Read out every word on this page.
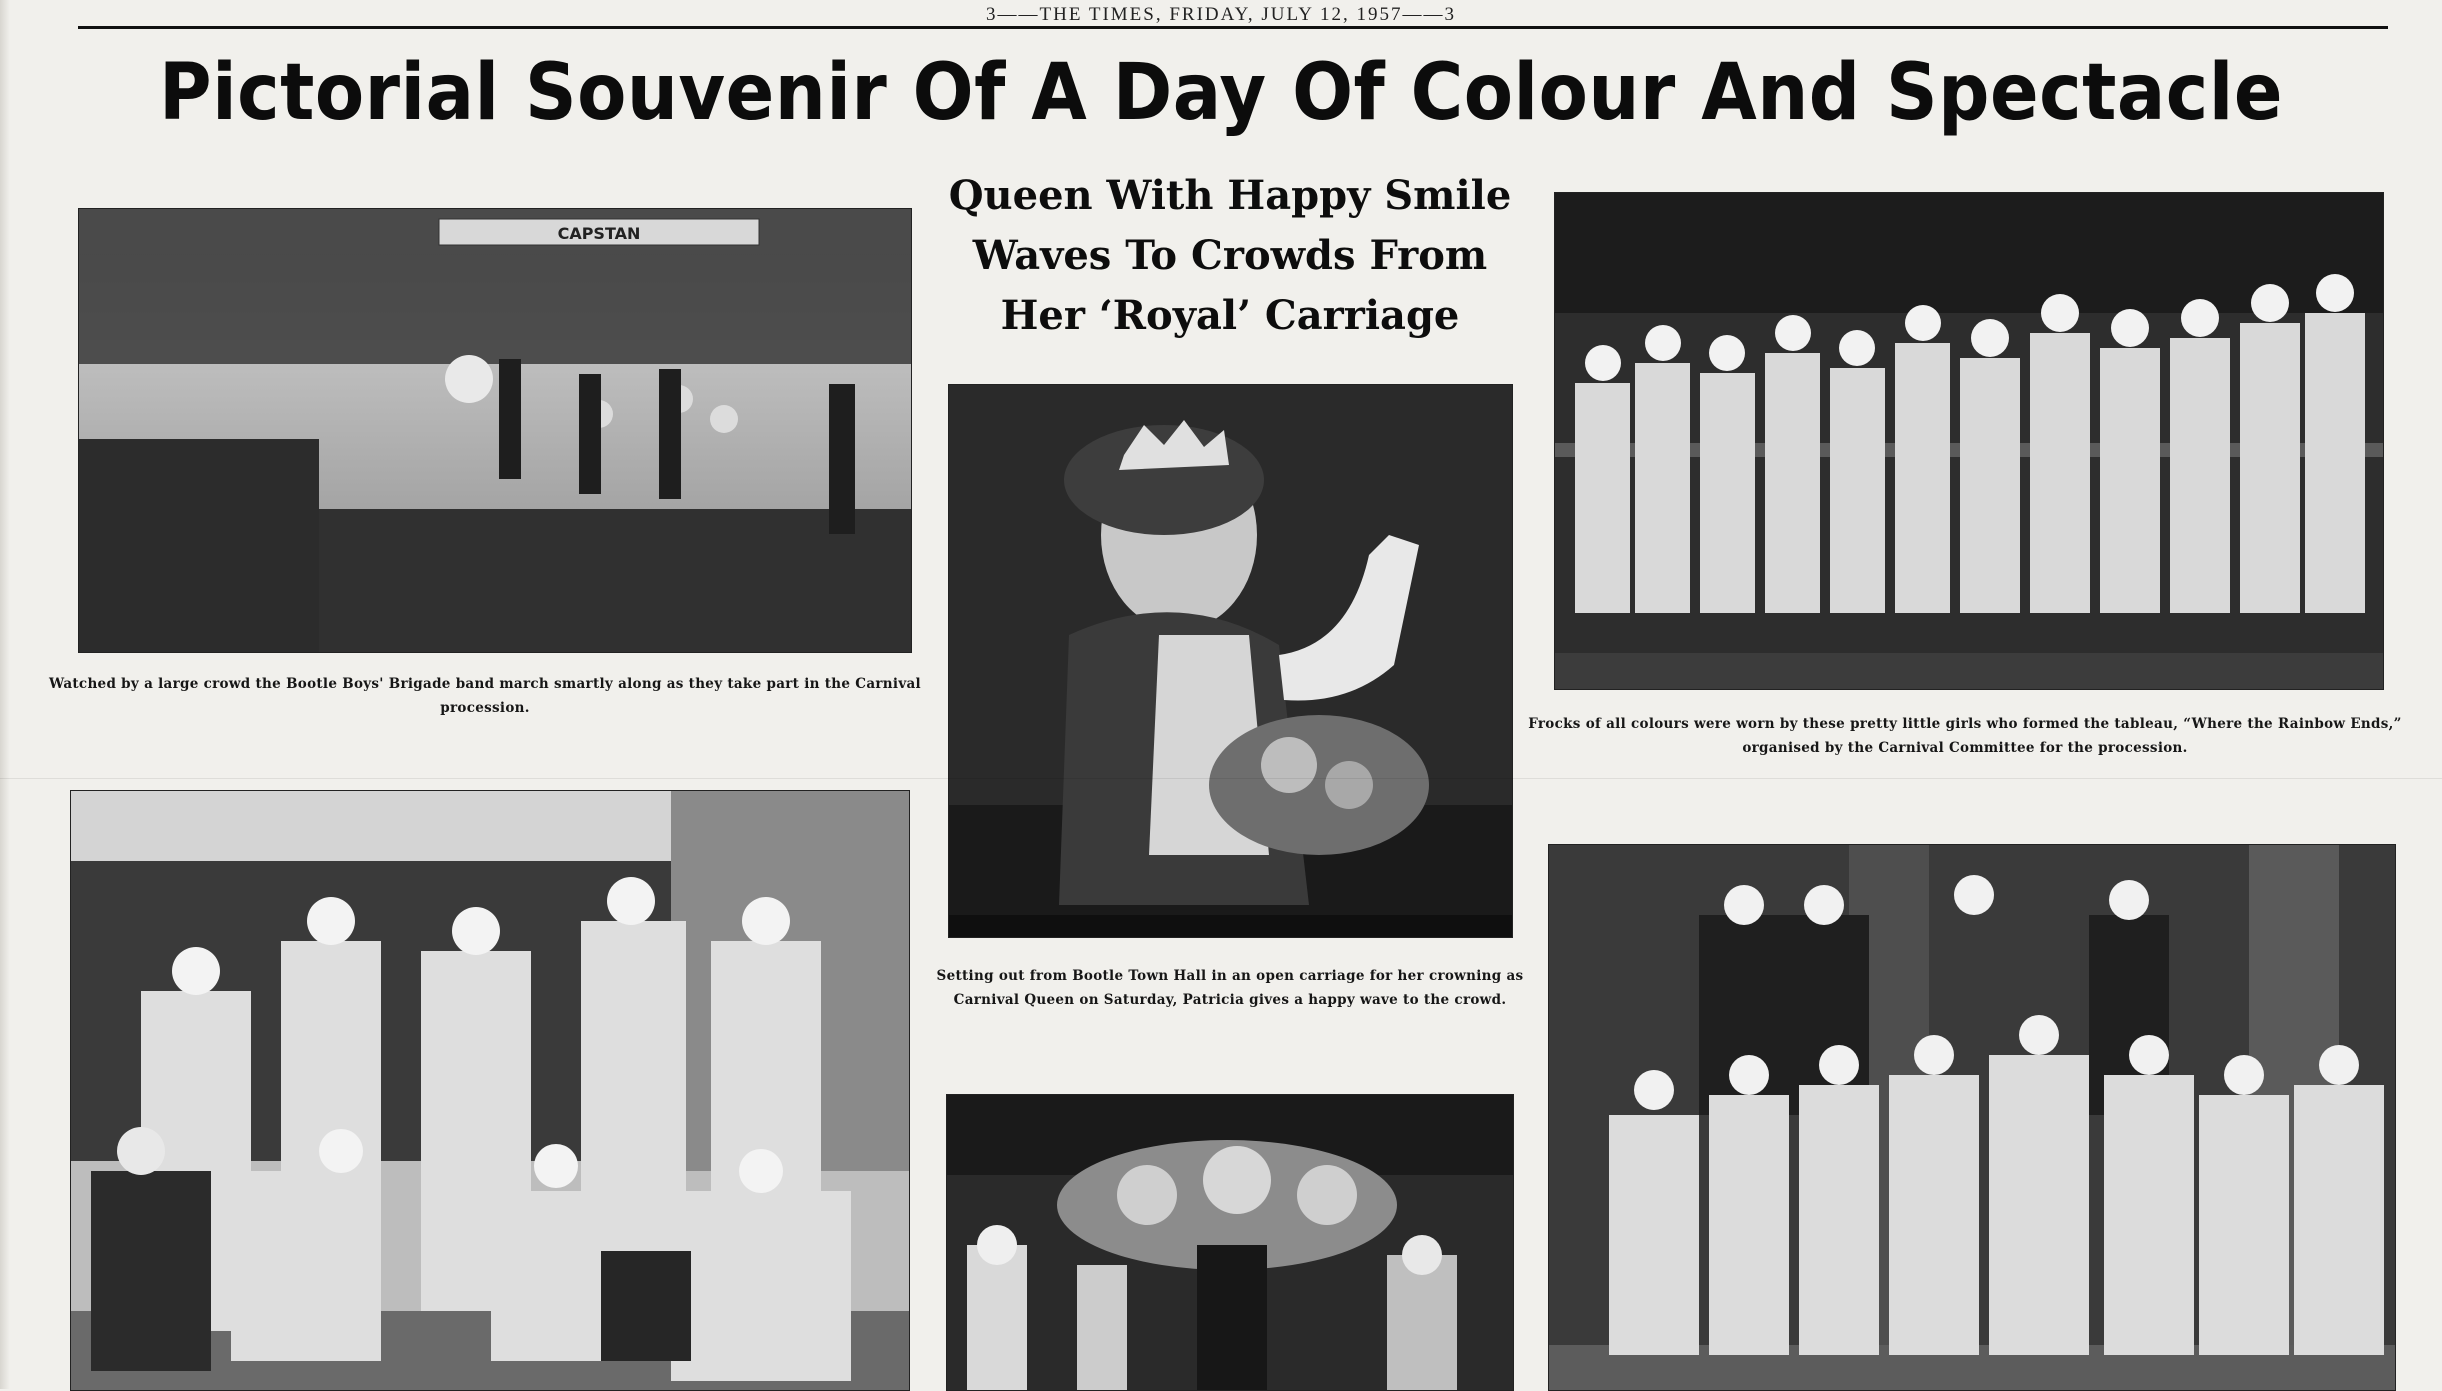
3——THE TIMES, FRIDAY, JULY 12, 1957——3
Pictorial Souvenir Of A Day Of Colour And Spectacle
Queen With Happy Smile
Waves To Crowds From
Her ‘Royal’ Carriage
CAPSTAN
Watched by a large crowd the Bootle Boys' Brigade band march smartly along as they take part in the Carnival procession.
Setting out from Bootle Town Hall in an open carriage for her crowning as Carnival Queen on Saturday, Patricia gives a happy wave to the crowd.
Frocks of all colours were worn by these pretty little girls who formed the tableau, “Where the Rainbow Ends,” organised by the Carnival Committee for the procession.
